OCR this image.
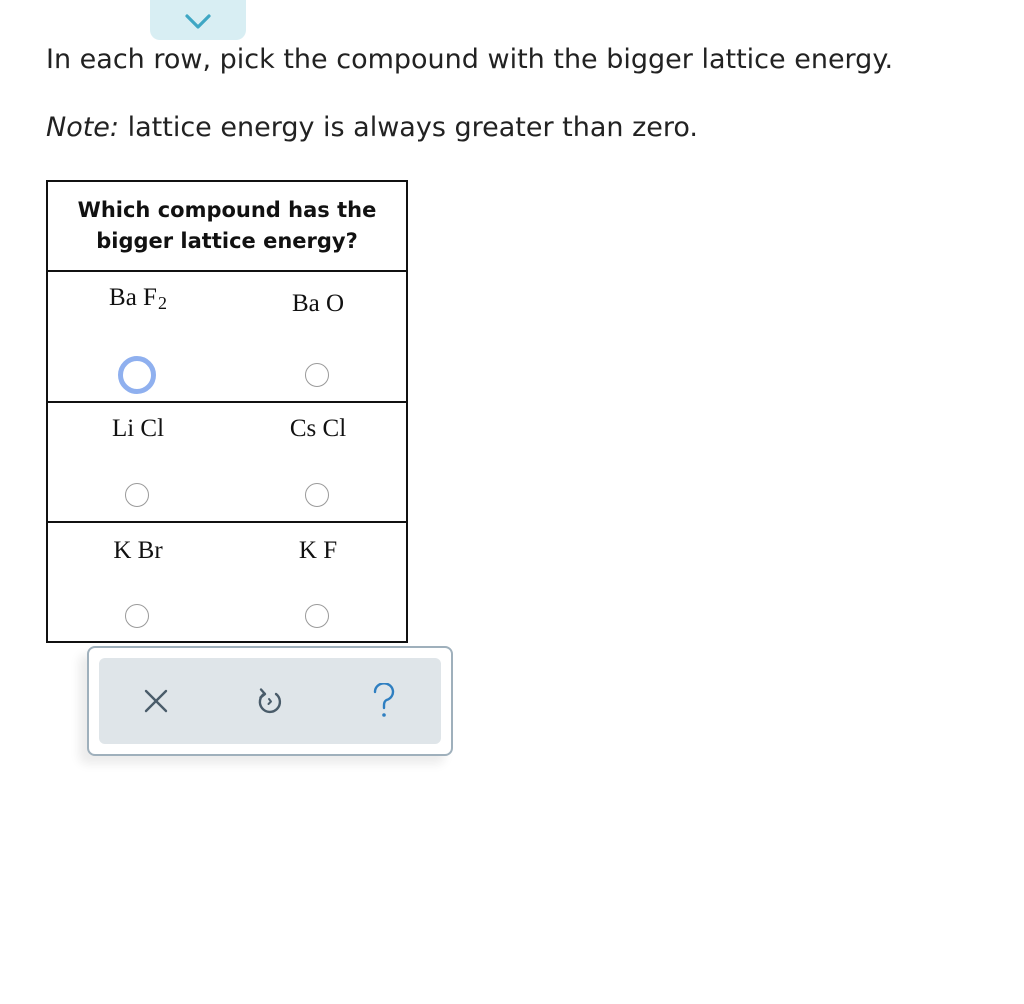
In each row, pick the compound with the bigger lattice energy.

Note: lattice energy is always greater than zero.

Which compound has the bigger lattice energy?
Ba $F_2$	Ba O
Li Cl	Cs Cl
K Br	K F
